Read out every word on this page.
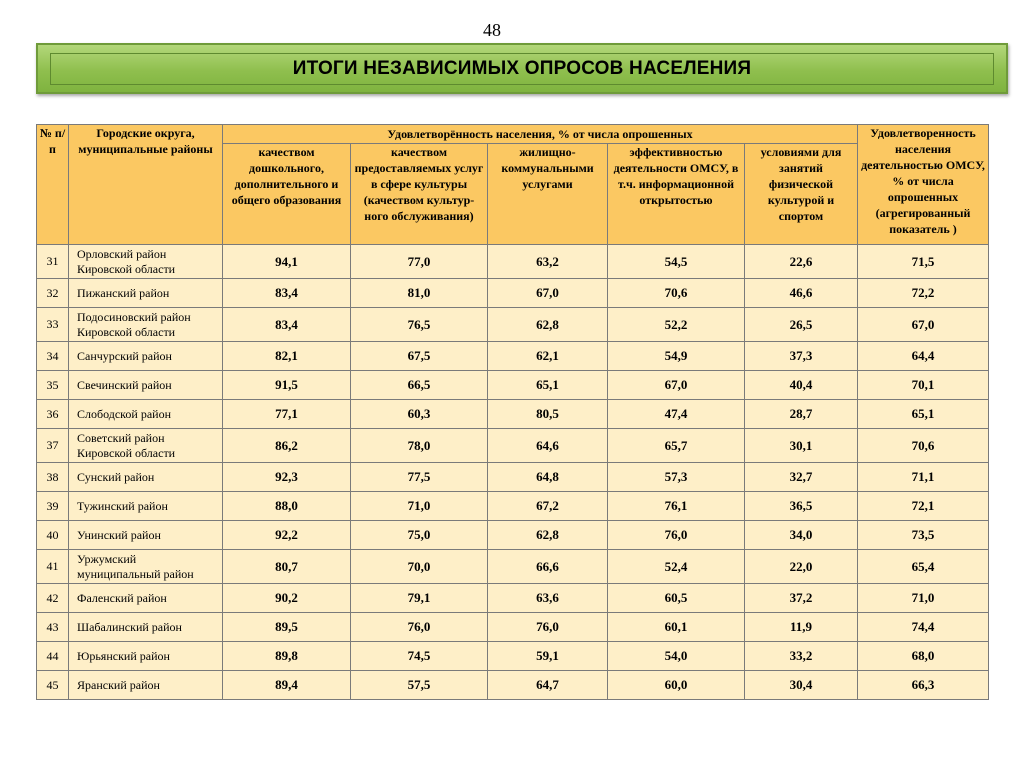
48
ИТОГИ НЕЗАВИСИМЫХ ОПРОСОВ НАСЕЛЕНИЯ
№ п/п	Городские округа, муниципальные районы	Удовлетворённость населения, % от числа опрошенных					Удовлетворенность населения деятельностью ОМСУ, % от числа опрошенных (агрегированный показатель )
		качеством дошкольного, дополнительного и общего образования	качеством предоставляемых услуг в сфере культуры (качеством культур-ного обслуживания)	жилищно-коммунальными услугами	эффективностью деятельности ОМСУ, в т.ч. информационной открытостью	условиями для занятий физической культурой и спортом	
31	Орловский район Кировской области	94,1	77,0	63,2	54,5	22,6	71,5
32	Пижанский район	83,4	81,0	67,0	70,6	46,6	72,2
33	Подосиновский район Кировской области	83,4	76,5	62,8	52,2	26,5	67,0
34	Санчурский район	82,1	67,5	62,1	54,9	37,3	64,4
35	Свечинский район	91,5	66,5	65,1	67,0	40,4	70,1
36	Слободской район	77,1	60,3	80,5	47,4	28,7	65,1
37	Советский район Кировской области	86,2	78,0	64,6	65,7	30,1	70,6
38	Сунский район	92,3	77,5	64,8	57,3	32,7	71,1
39	Тужинский район	88,0	71,0	67,2	76,1	36,5	72,1
40	Унинский район	92,2	75,0	62,8	76,0	34,0	73,5
41	Уржумский муниципальный район	80,7	70,0	66,6	52,4	22,0	65,4
42	Фаленский район	90,2	79,1	63,6	60,5	37,2	71,0
43	Шабалинский район	89,5	76,0	76,0	60,1	11,9	74,4
44	Юрьянский район	89,8	74,5	59,1	54,0	33,2	68,0
45	Яранский район	89,4	57,5	64,7	60,0	30,4	66,3
